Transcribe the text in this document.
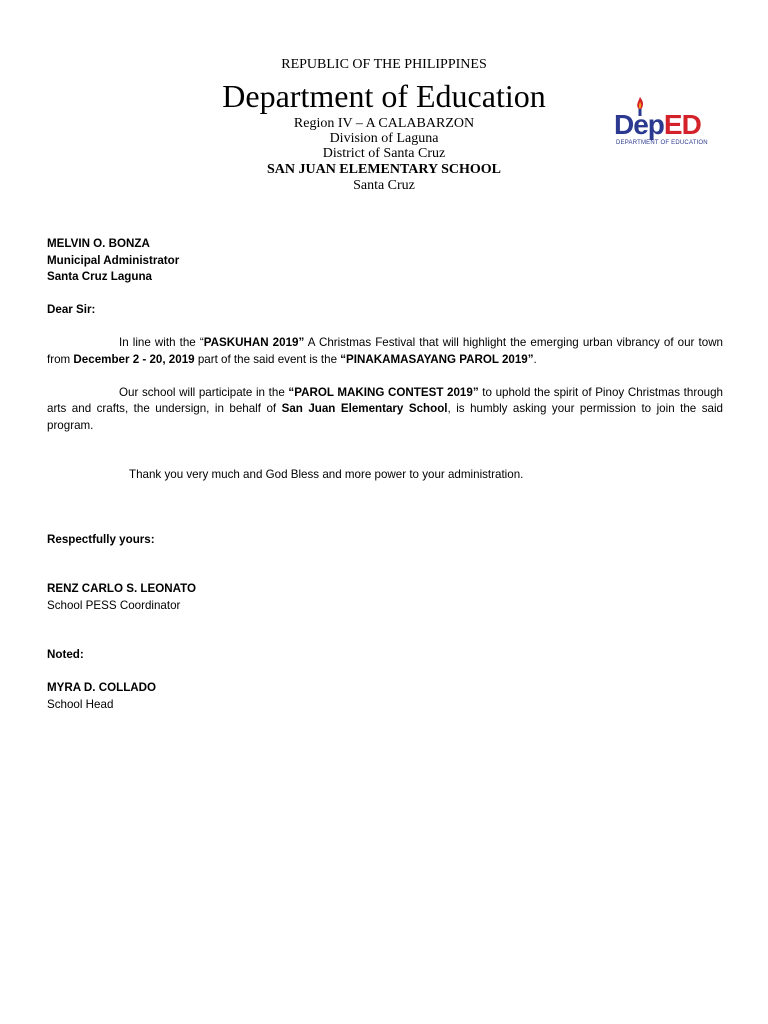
REPUBLIC OF THE PHILIPPINES
Department of Education
Region IV – A CALABARZON
Division of Laguna
District of Santa Cruz
SAN JUAN ELEMENTARY SCHOOL
Santa Cruz
DepED
DEPARTMENT OF EDUCATION
MELVIN O. BONZA
Municipal Administrator
Santa Cruz Laguna
Dear Sir:
In line with the “PASKUHAN 2019” A Christmas Festival that will highlight the emerging urban vibrancy of our town from December 2 - 20, 2019 part of the said event is the “PINAKAMASAYANG PAROL 2019”.
Our school will participate in the “PAROL MAKING CONTEST 2019” to uphold the spirit of Pinoy Christmas through arts and crafts, the undersign, in behalf of San Juan Elementary School, is humbly asking your permission to join the said program.
Thank you very much and God Bless and more power to your administration.
Respectfully yours:
RENZ CARLO S. LEONATO
School PESS Coordinator
Noted:
MYRA D. COLLADO
School Head
